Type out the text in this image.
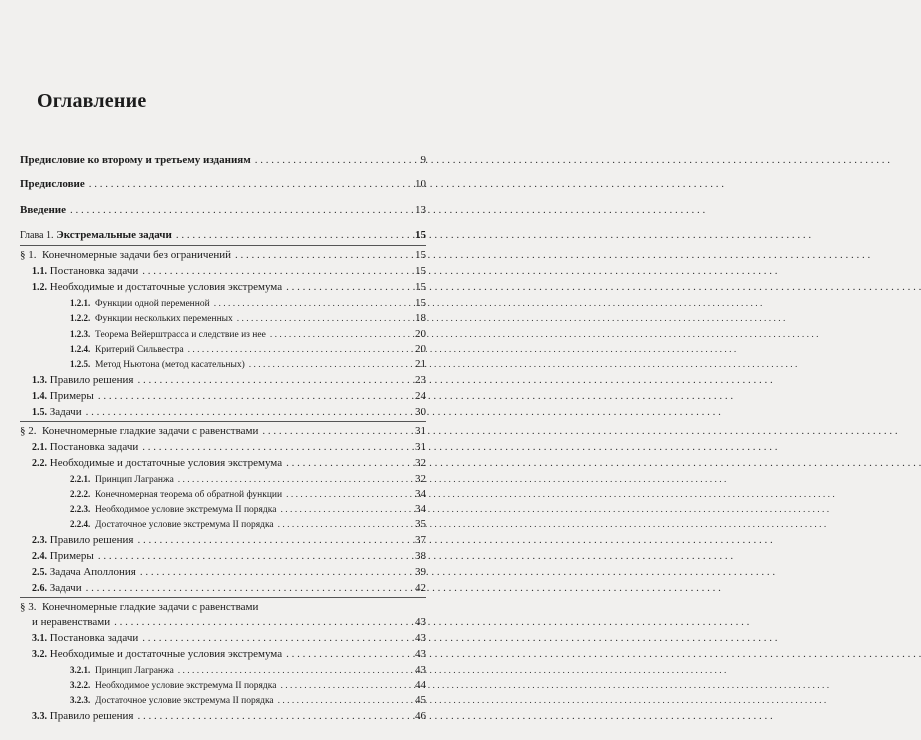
Оглавление
Предисловие ко второму и третьему изданиям . . .	9
Предисловие . . .	10
Введение . . .	13
Глава 1. Экстремальные задачи . . .	15
§ 1. Конечномерные задачи без ограничений . . .	15
1.1. Постановка задачи . . .	15
1.2. Необходимые и достаточные условия экстремума . . .	15
1.2.1. Функции одной переменной . . .	15
1.2.2. Функции нескольких переменных . . .	18
1.2.3. Теорема Вейерштрасса и следствие из нее . . .	20
1.2.4. Критерий Сильвестра . . .	20
1.2.5. Метод Ньютона (метод касательных) . . .	21
1.3. Правило решения . . .	23
1.4. Примеры . . .	24
1.5. Задачи . . .	30
§ 2. Конечномерные гладкие задачи с равенствами . . .	31
2.1. Постановка задачи . . .	31
2.2. Необходимые и достаточные условия экстремума . . .	32
2.2.1. Принцип Лагранжа . . .	32
2.2.2. Конечномерная теорема об обратной функции . . .	34
2.2.3. Необходимое условие экстремума II порядка . . .	34
2.2.4. Достаточное условие экстремума II порядка . . .	35
2.3. Правило решения . . .	37
2.4. Примеры . . .	38
2.5. Задача Аполлония . . .	39
2.6. Задачи . . .	42
§ 3. Конечномерные гладкие задачи с равенствами
и неравенствами . . .	43
3.1. Постановка задачи . . .	43
3.2. Необходимые и достаточные условия экстремума . . .	43
3.2.1. Принцип Лагранжа . . .	43
3.2.2. Необходимое условие экстремума II порядка . . .	44
3.2.3. Достаточное условие экстремума II порядка . . .	45
3.3. Правило решения . . .	46
